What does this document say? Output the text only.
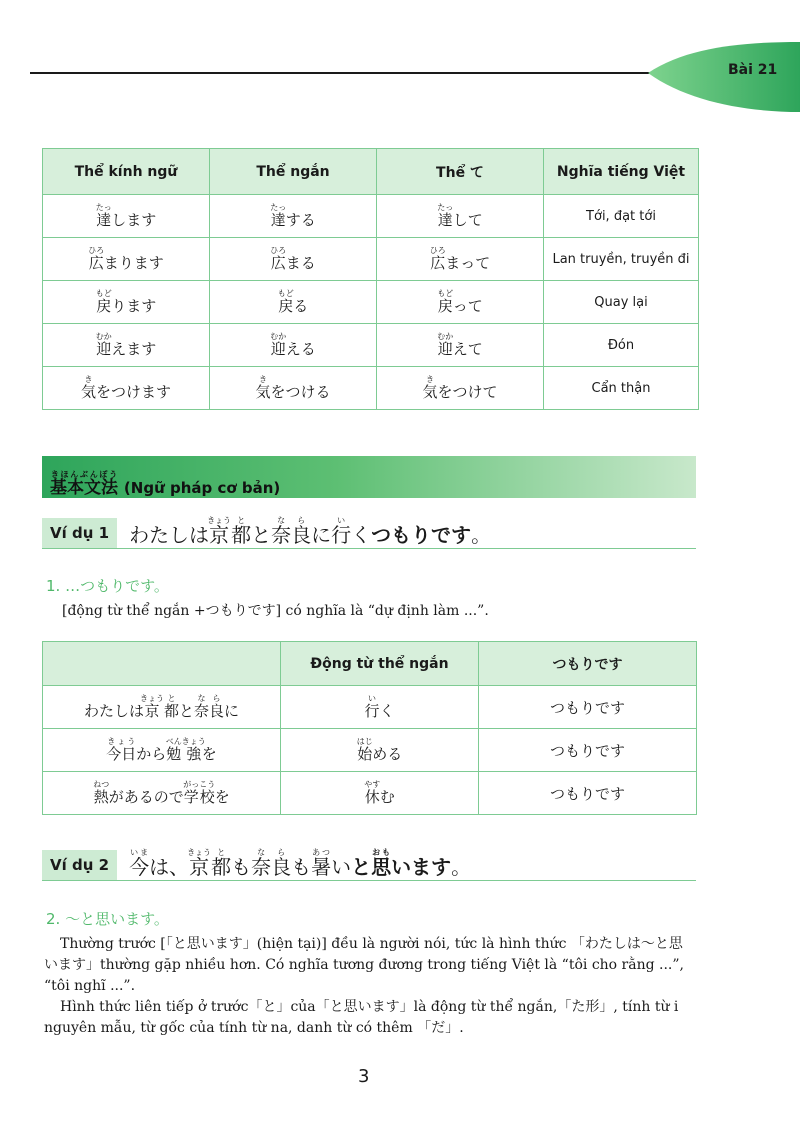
Bài 21
Thể kính ngữ	Thể ngắn	Thể て	Nghĩa tiếng Việt
達たっします	達たっする	達たっして	Tới, đạt tới
広ひろまります	広ひろまる	広ひろまって	Lan truyền, truyền đi
戻もどります	戻もどる	戻もどって	Quay lại
迎むかえます	迎むかえる	迎むかえて	Đón
気きをつけます	気きをつける	気きをつけて	Cẩn thận
基本文法きほんぶんぽう (Ngữ pháp cơ bản)
Ví dụ 1	わたしは京きょう都とと奈な良らに行いくつもりです。
1. …つもりです。
[động từ thể ngắn +つもりです] có nghĩa là “dự định làm ...”.
	Động từ thể ngắn	つもりです
わたしは京きょう都とと奈な良らに	行いく	つもりです
今日きょうから勉べん強きょうを	始はじめる	つもりです
熱ねつがあるので学がっ校こうを	休やすむ	つもりです
Ví dụ 2	今いまは、京きょう都とも奈な良らも暑あついと思おもいます。
2. ～と思います。
Thường trước [「と思います」(hiện tại)] đều là người nói, tức là hình thức 「わたしは～と思います」thường gặp nhiều hơn. Có nghĩa tương đương trong tiếng Việt là “tôi cho rằng ...”, “tôi nghĩ ...”.
Hình thức liên tiếp ở trước「と」của「と思います」là động từ thể ngắn,「た形」, tính từ i nguyên mẫu, từ gốc của tính từ na, danh từ có thêm 「だ」.
3
